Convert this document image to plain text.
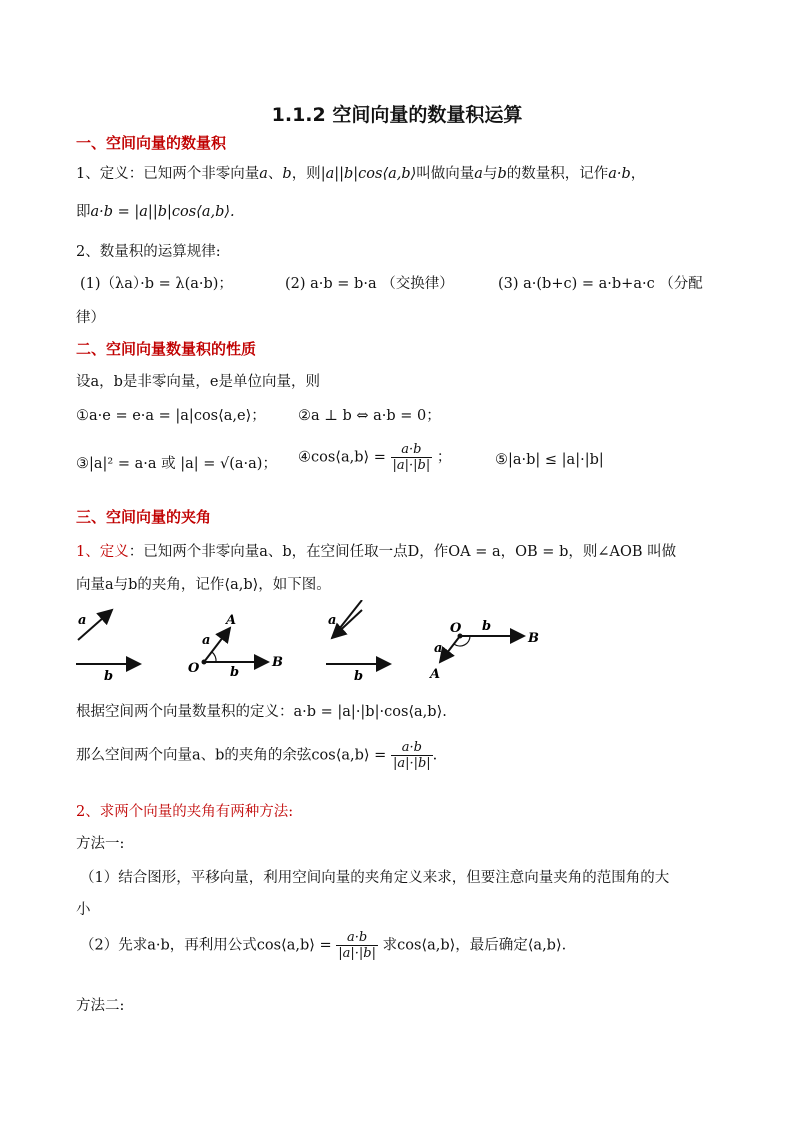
1.1.2 空间向量的数量积运算
一、空间向量的数量积
1、定义：已知两个非零向量a、b，则|a||b|cos⟨a,b⟩叫做向量a与b的数量积，记作a·b，
即a·b = |a||b|cos⟨a,b⟩.
2、数量积的运算规律:
(1)（λa）·b = λ(a·b)；	(2) a·b = b·a （交换律）	(3) a·(b+c) = a·b+a·c （分配
律）
二、空间向量数量积的性质
设a，b是非零向量，e是单位向量，则
①a·e = e·a = |a|cos⟨a,e⟩； ②a ⊥ b ⇔ a·b = 0；
③|a|² = a·a 或 |a| = √(a·a)； ④cos⟨a,b⟩ = $\frac{a\cdot b}{|a|\cdot|b|}$ ；	⑤|a·b| ≤ |a|·|b|
三、空间向量的夹角
1、定义：已知两个非零向量a、b，在空间任取一点D，作OA = a，OB = b，则∠AOB 叫做
向量a与b的夹角，记作⟨a,b⟩，如下图。
a
b
A
a
O b
B
a
b
O b
B
a
A
根据空间两个向量数量积的定义：a·b = |a|·|b|·cos⟨a,b⟩.
那么空间两个向量a、b的夹角的余弦cos⟨a,b⟩ = $\frac{a\cdot b}{|a|\cdot|b|}$ .
2、求两个向量的夹角有两种方法:
方法一:
（1）结合图形，平移向量，利用空间向量的夹角定义来求，但要注意向量夹角的范围角的大
小
（2）先求a·b，再利用公式cos⟨a,b⟩ = $\frac{a\cdot b}{|a|\cdot|b|}$ 求cos⟨a,b⟩，最后确定⟨a,b⟩.
方法二:
